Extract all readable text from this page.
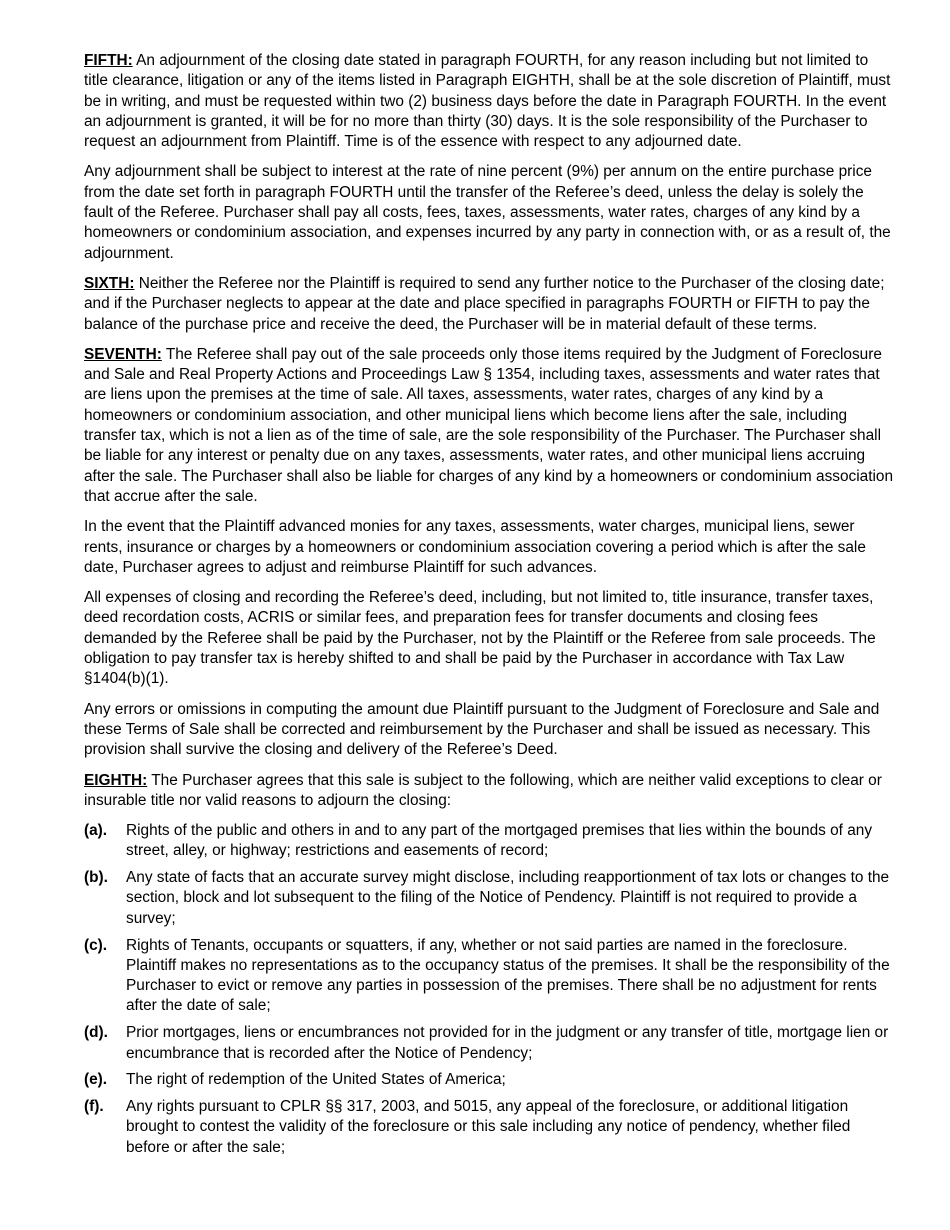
FIFTH: An adjournment of the closing date stated in paragraph FOURTH, for any reason including but not limited to title clearance, litigation or any of the items listed in Paragraph EIGHTH, shall be at the sole discretion of Plaintiff, must be in writing, and must be requested within two (2) business days before the date in Paragraph FOURTH. In the event an adjournment is granted, it will be for no more than thirty (30) days. It is the sole responsibility of the Purchaser to request an adjournment from Plaintiff. Time is of the essence with respect to any adjourned date.

Any adjournment shall be subject to interest at the rate of nine percent (9%) per annum on the entire purchase price from the date set forth in paragraph FOURTH until the transfer of the Referee’s deed, unless the delay is solely the fault of the Referee. Purchaser shall pay all costs, fees, taxes, assessments, water rates, charges of any kind by a homeowners or condominium association, and expenses incurred by any party in connection with, or as a result of, the adjournment.

SIXTH: Neither the Referee nor the Plaintiff is required to send any further notice to the Purchaser of the closing date; and if the Purchaser neglects to appear at the date and place specified in paragraphs FOURTH or FIFTH to pay the balance of the purchase price and receive the deed, the Purchaser will be in material default of these terms.

SEVENTH: The Referee shall pay out of the sale proceeds only those items required by the Judgment of Foreclosure and Sale and Real Property Actions and Proceedings Law § 1354, including taxes, assessments and water rates that are liens upon the premises at the time of sale. All taxes, assessments, water rates, charges of any kind by a homeowners or condominium association, and other municipal liens which become liens after the sale, including transfer tax, which is not a lien as of the time of sale, are the sole responsibility of the Purchaser. The Purchaser shall be liable for any interest or penalty due on any taxes, assessments, water rates, and other municipal liens accruing after the sale. The Purchaser shall also be liable for charges of any kind by a homeowners or condominium association that accrue after the sale.

In the event that the Plaintiff advanced monies for any taxes, assessments, water charges, municipal liens, sewer rents, insurance or charges by a homeowners or condominium association covering a period which is after the sale date, Purchaser agrees to adjust and reimburse Plaintiff for such advances.

All expenses of closing and recording the Referee’s deed, including, but not limited to, title insurance, transfer taxes, deed recordation costs, ACRIS or similar fees, and preparation fees for transfer documents and closing fees demanded by the Referee shall be paid by the Purchaser, not by the Plaintiff or the Referee from sale proceeds. The obligation to pay transfer tax is hereby shifted to and shall be paid by the Purchaser in accordance with Tax Law §1404(b)(1).

Any errors or omissions in computing the amount due Plaintiff pursuant to the Judgment of Foreclosure and Sale and these Terms of Sale shall be corrected and reimbursement by the Purchaser and shall be issued as necessary. This provision shall survive the closing and delivery of the Referee’s Deed.

EIGHTH: The Purchaser agrees that this sale is subject to the following, which are neither valid exceptions to clear or insurable title nor valid reasons to adjourn the closing:

(a).	Rights of the public and others in and to any part of the mortgaged premises that lies within the bounds of any street, alley, or highway; restrictions and easements of record;
(b).	Any state of facts that an accurate survey might disclose, including reapportionment of tax lots or changes to the section, block and lot subsequent to the filing of the Notice of Pendency. Plaintiff is not required to provide a survey;
(c).	Rights of Tenants, occupants or squatters, if any, whether or not said parties are named in the foreclosure. Plaintiff makes no representations as to the occupancy status of the premises. It shall be the responsibility of the Purchaser to evict or remove any parties in possession of the premises. There shall be no adjustment for rents after the date of sale;
(d).	Prior mortgages, liens or encumbrances not provided for in the judgment or any transfer of title, mortgage lien or encumbrance that is recorded after the Notice of Pendency;
(e).	The right of redemption of the United States of America;
(f).	Any rights pursuant to CPLR §§ 317, 2003, and 5015, any appeal of the foreclosure, or additional litigation brought to contest the validity of the foreclosure or this sale including any notice of pendency, whether filed before or after the sale;
